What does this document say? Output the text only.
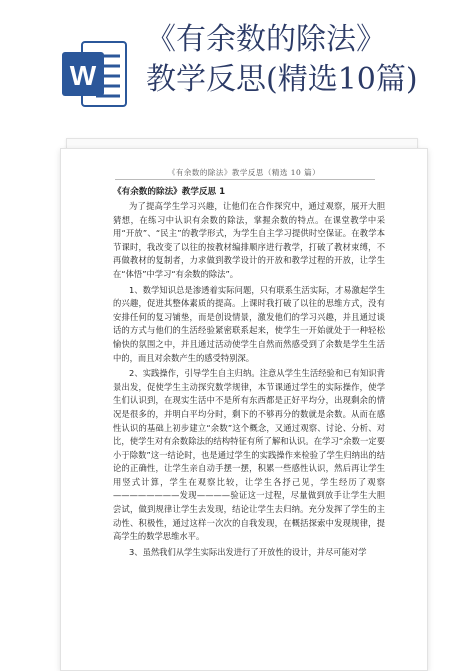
W
《有余数的除法》
教学反思(精选10篇)
《有余数的除法》教学反思（精选 10 篇）
《有余数的除法》教学反思 1

为了提高学生学习兴趣，让他们在合作探究中，通过观察，展开大胆猜想，在练习中认识有余数的除法，掌握余数的特点。在课堂教学中采用“开放”、“民主”的教学形式，为学生自主学习提供时空保证。在教学本节课时，我改变了以往的按教材编排顺序进行教学，打破了教材束缚，不再做教材的复制者，力求做到教学设计的开放和教学过程的开放，让学生在“体悟”中学习“有余数的除法”。

1、数学知识总是渗透着实际问题，只有联系生活实际，才易激起学生的兴趣，促进其整体素质的提高。上课时我打破了以往的思维方式，没有安排任何的复习铺垫，而是创设情景，激发他们的学习兴趣，并且通过谈话的方式与他们的生活经验紧密联系起来，使学生一开始就处于一种轻松愉快的氛围之中，并且通过活动使学生自然而然感受到了余数是学生生活中的，而且对余数产生的感受特别深。

2、实践操作，引导学生自主归纳。注意从学生生活经验和已有知识背景出发，促使学生主动探究数学规律，本节课通过学生的实际操作，使学生们认识到，在现实生活中不是所有东西都是正好平均分，出现剩余的情况是很多的，并明白平均分时，剩下的不够再分的数就是余数。从而在感性认识的基础上初步建立“余数”这个概念，又通过观察、讨论、分析、对比，使学生对有余数除法的结构特征有所了解和认识。在学习“余数一定要小于除数”这一结论时，也是通过学生的实践操作来检验了学生归纳出的结论的正确性，让学生亲自动手摆一摆，积累一些感性认识，然后再让学生用竖式计算，学生在观察比较，让学生各抒己见，学生经历了观察————————发现————验证这一过程，尽量做到放手让学生大胆尝试，做到规律让学生去发现，结论让学生去归纳。充分发挥了学生的主动性、积极性，通过这样一次次的自我发现，在概括探索中发现规律，提高学生的数学思维水平。

3、虽然我们从学生实际出发进行了开放性的设计，并尽可能对学
